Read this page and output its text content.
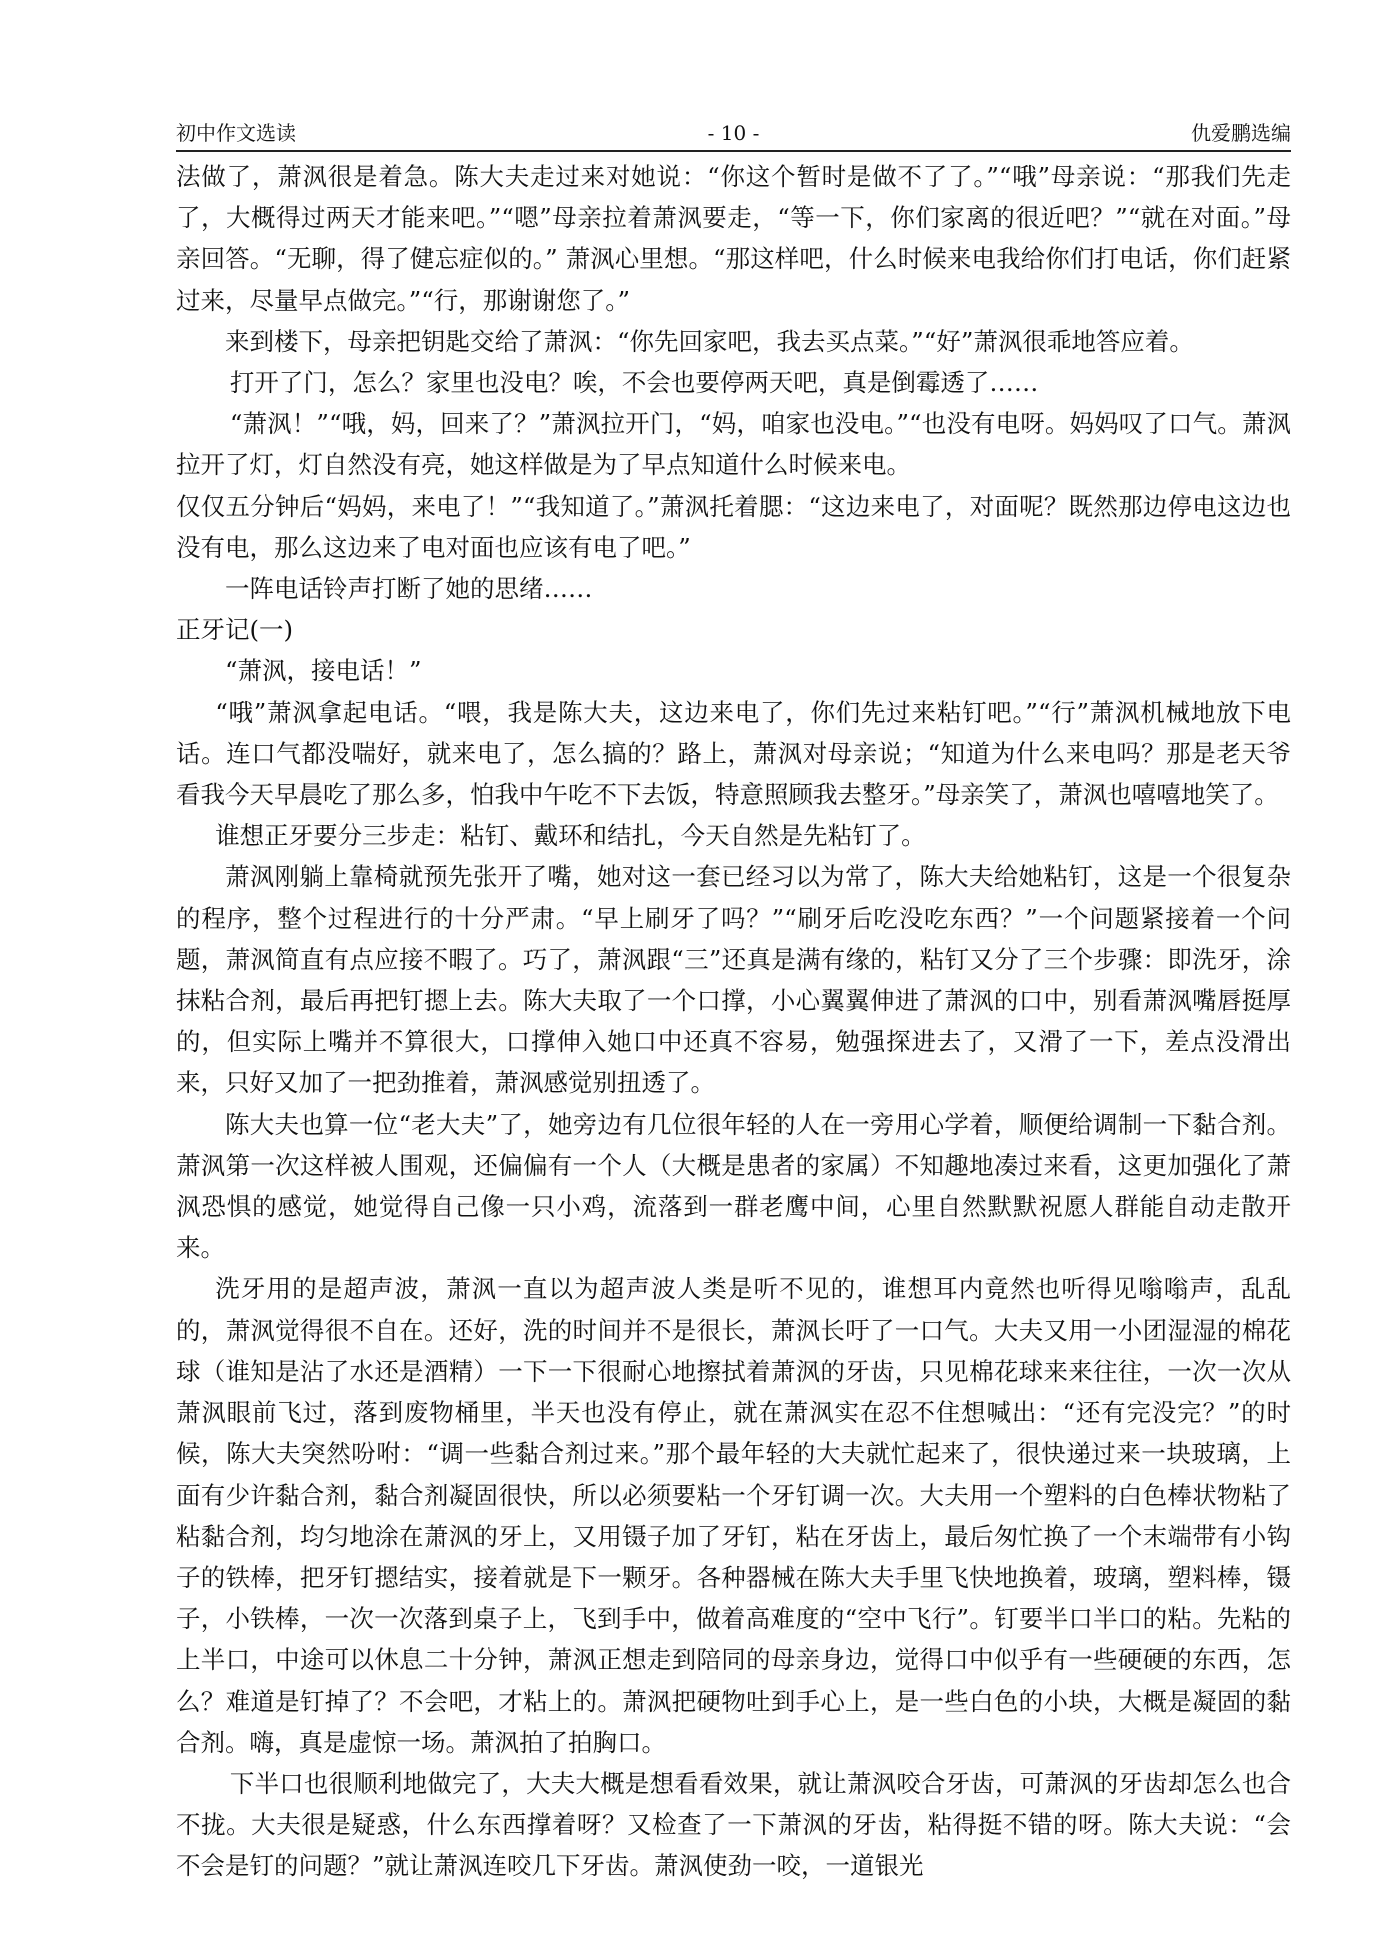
初中作文选读	- 10 -	仇爱鹏选编

法做了，萧沨很是着急。陈大夫走过来对她说：“你这个暂时是做不了了。”“哦”母亲说：“那我们先走了，大概得过两天才能来吧。”“嗯”母亲拉着萧沨要走，“等一下，你们家离的很近吧？”“就在对面。”母亲回答。“无聊，得了健忘症似的。” 萧沨心里想。“那这样吧，什么时候来电我给你们打电话，你们赶紧过来，尽量早点做完。”“行，那谢谢您了。”

来到楼下，母亲把钥匙交给了萧沨：“你先回家吧，我去买点菜。”“好”萧沨很乖地答应着。

打开了门，怎么？家里也没电？唉，不会也要停两天吧，真是倒霉透了……

“萧沨！”“哦，妈，回来了？”萧沨拉开门，“妈，咱家也没电。”“也没有电呀。妈妈叹了口气。萧沨拉开了灯，灯自然没有亮，她这样做是为了早点知道什么时候来电。

仅仅五分钟后“妈妈，来电了！”“我知道了。”萧沨托着腮：“这边来电了，对面呢？既然那边停电这边也没有电，那么这边来了电对面也应该有电了吧。”

一阵电话铃声打断了她的思绪……

正牙记(一)

“萧沨，接电话！”

“哦”萧沨拿起电话。“喂，我是陈大夫，这边来电了，你们先过来粘钉吧。”“行”萧沨机械地放下电话。连口气都没喘好，就来电了，怎么搞的？路上，萧沨对母亲说；“知道为什么来电吗？那是老天爷看我今天早晨吃了那么多，怕我中午吃不下去饭，特意照顾我去整牙。”母亲笑了，萧沨也嘻嘻地笑了。

谁想正牙要分三步走：粘钉、戴环和结扎，今天自然是先粘钉了。

萧沨刚躺上靠椅就预先张开了嘴，她对这一套已经习以为常了，陈大夫给她粘钉，这是一个很复杂的程序，整个过程进行的十分严肃。“早上刷牙了吗？”“刷牙后吃没吃东西？”一个问题紧接着一个问题，萧沨简直有点应接不暇了。巧了，萧沨跟“三”还真是满有缘的，粘钉又分了三个步骤：即洗牙，涂抹粘合剂，最后再把钉摁上去。陈大夫取了一个口撑，小心翼翼伸进了萧沨的口中，别看萧沨嘴唇挺厚的，但实际上嘴并不算很大，口撑伸入她口中还真不容易，勉强探进去了，又滑了一下，差点没滑出来，只好又加了一把劲推着，萧沨感觉别扭透了。

陈大夫也算一位“老大夫”了，她旁边有几位很年轻的人在一旁用心学着，顺便给调制一下黏合剂。萧沨第一次这样被人围观，还偏偏有一个人（大概是患者的家属）不知趣地凑过来看，这更加强化了萧沨恐惧的感觉，她觉得自己像一只小鸡，流落到一群老鹰中间，心里自然默默祝愿人群能自动走散开来。

洗牙用的是超声波，萧沨一直以为超声波人类是听不见的，谁想耳内竟然也听得见嗡嗡声，乱乱的，萧沨觉得很不自在。还好，洗的时间并不是很长，萧沨长吁了一口气。大夫又用一小团湿湿的棉花球（谁知是沾了水还是酒精）一下一下很耐心地擦拭着萧沨的牙齿，只见棉花球来来往往，一次一次从萧沨眼前飞过，落到废物桶里，半天也没有停止，就在萧沨实在忍不住想喊出：“还有完没完？”的时候，陈大夫突然吩咐：“调一些黏合剂过来。”那个最年轻的大夫就忙起来了，很快递过来一块玻璃，上面有少许黏合剂，黏合剂凝固很快，所以必须要粘一个牙钉调一次。大夫用一个塑料的白色棒状物粘了粘黏合剂，均匀地涂在萧沨的牙上，又用镊子加了牙钉，粘在牙齿上，最后匆忙换了一个末端带有小钩子的铁棒，把牙钉摁结实，接着就是下一颗牙。各种器械在陈大夫手里飞快地换着，玻璃，塑料棒，镊子，小铁棒，一次一次落到桌子上，飞到手中，做着高难度的“空中飞行”。钉要半口半口的粘。先粘的上半口，中途可以休息二十分钟，萧沨正想走到陪同的母亲身边，觉得口中似乎有一些硬硬的东西，怎么？难道是钉掉了？不会吧，才粘上的。萧沨把硬物吐到手心上，是一些白色的小块，大概是凝固的黏合剂。嗨，真是虚惊一场。萧沨拍了拍胸口。

下半口也很顺利地做完了，大夫大概是想看看效果，就让萧沨咬合牙齿，可萧沨的牙齿却怎么也合不拢。大夫很是疑惑，什么东西撑着呀？又检查了一下萧沨的牙齿，粘得挺不错的呀。陈大夫说：“会不会是钉的问题？”就让萧沨连咬几下牙齿。萧沨使劲一咬，一道银光
